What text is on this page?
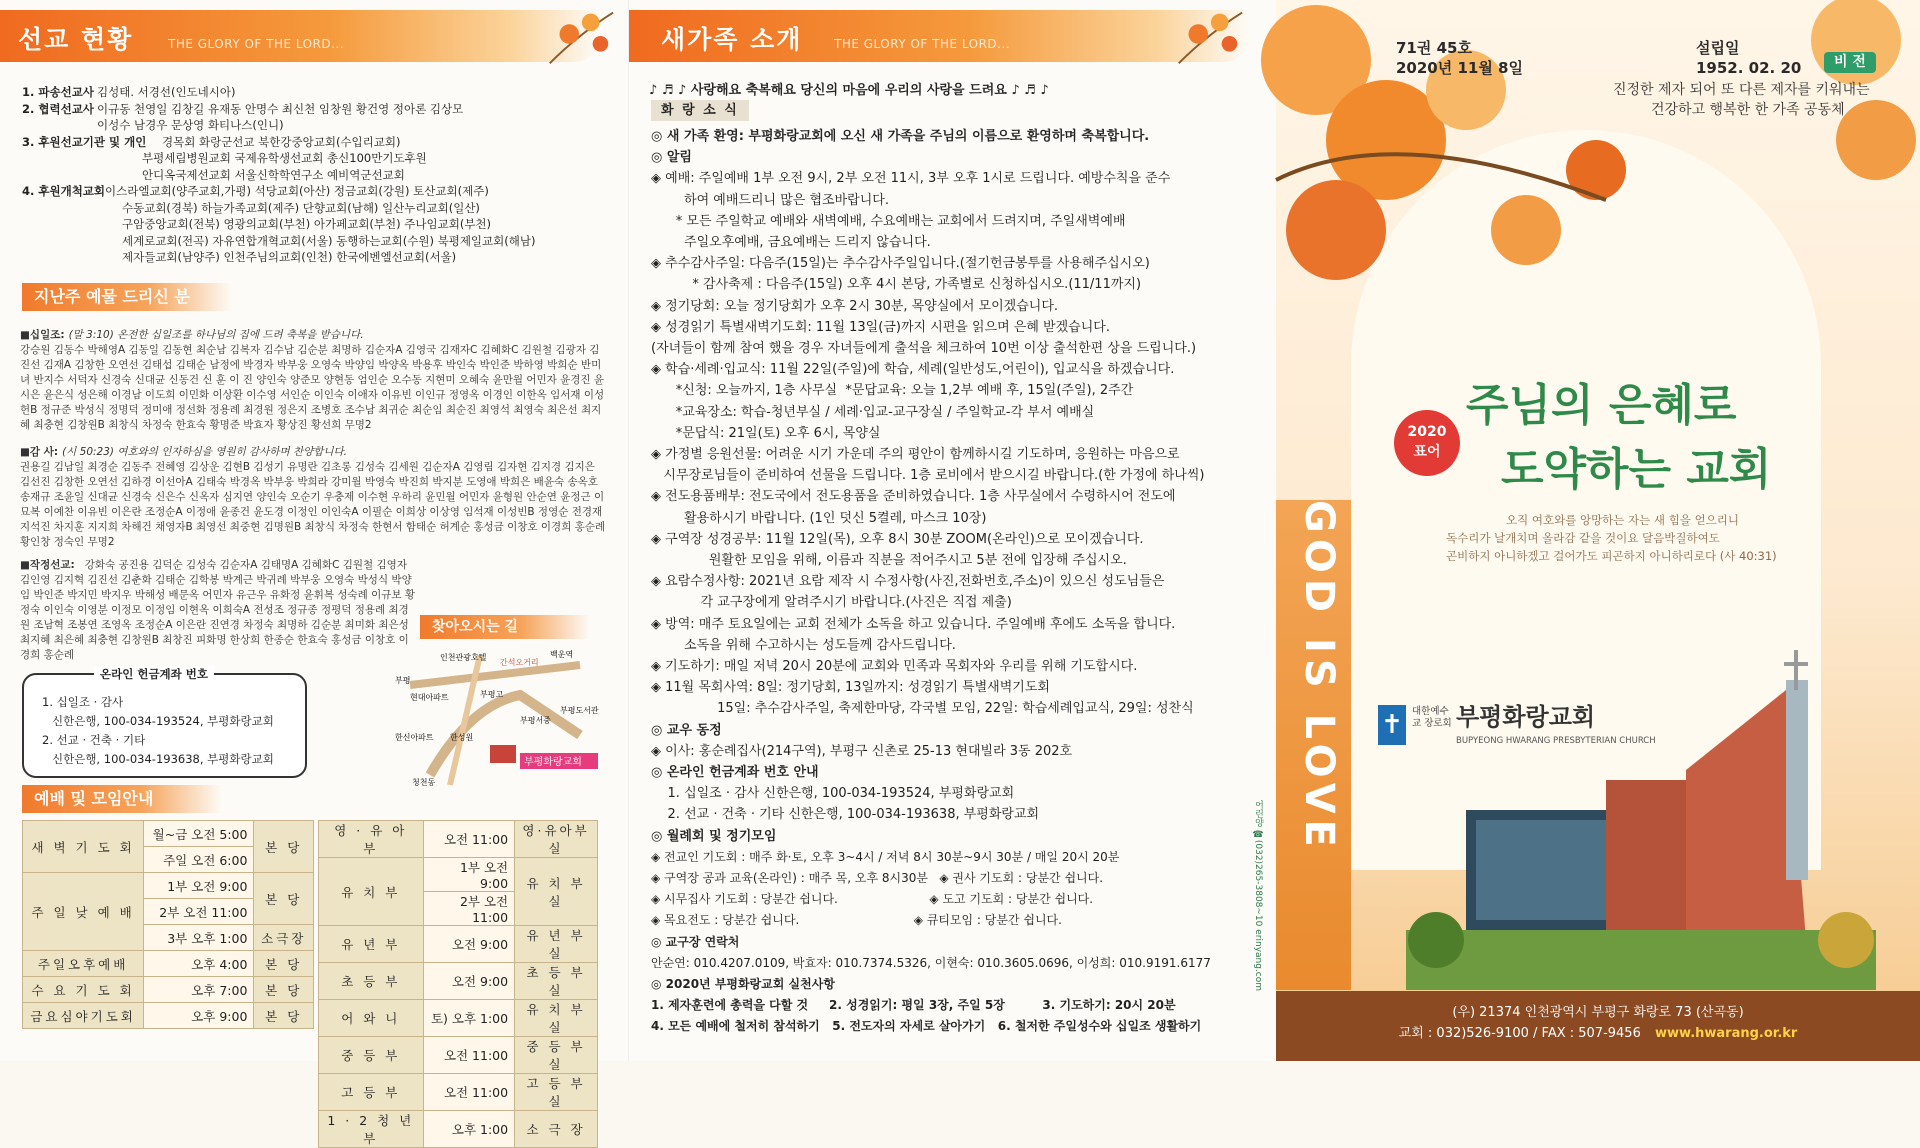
선교 현황	THE GLORY OF THE LORD...
1. 파송선교사 김성태. 서경선(인도네시아)
2. 협력선교사 이규동 천영일 김창길 유재동 안명수 최신천 임창원 황건영 정아론 김상모
이성수 남경우 문상영 화티나스(인니)
3. 후원선교기관 및 개인 경목회 화랑군선교 북한강중앙교회(수입리교회)
부평세림병원교회 국제유학생선교회 총신100만기도후원
안디옥국제선교회 서울신학학연구소 예비역군선교회
4. 후원개척교회이스라엘교회(양주교회,가평) 석당교회(아산) 정금교회(강원) 토산교회(제주)
수동교회(경북) 하늘가족교회(제주) 단향교회(남해) 일산누리교회(일산)
구암중앙교회(전북) 영광의교회(부천) 아가페교회(부천) 주나임교회(부천)
세계로교회(전곡) 자유연합개혁교회(서울) 동행하는교회(수원) 북평제일교회(해남)
제자들교회(남양주) 인천주님의교회(인천) 한국에벤엘선교회(서울)
지난주 예물 드리신 분
■십일조: (말 3:10) 온전한 십일조를 하나님의 집에 드려 축복을 받습니다.
강승원 김동수 박해영A 김동일 김동현 최순남 김복자 김수남 김순분 최명하 김순자A 김영국 김재자C 김혜화C 김원철 김광자 김진선 김재A 김창한 오연선 김태섭 김태순 남정에 박경자 박부웅 오영숙 박양임 박양옥 박용후 박인숙 박인준 박하영 박희순 반미녀 반지수 서덕자 신경숙 신대균 신동건 신 훈 이 진 양인숙 양준모 양현동 엄인순 오수동 지현미 오혜숙 윤만월 어민자 윤경진 윤시은 윤은식 성은해 이경남 이도희 이민화 이상환 이수영 서인순 이인숙 이애자 이유빈 이인규 정영옥 이경인 이한옥 임서재 이성헌B 정규준 박성식 정명덕 정미애 정선화 정용례 최경원 정은지 조병호 조수남 최귀순 최순임 최순진 최영석 최영숙 최은선 최지혜 최충현 김창원B 최창식 차정숙 한효숙 황명준 박효자 황상진 황선희 무명2
■감 사: (시 50:23) 여호와의 인자하심을 영원히 감사하며 찬양합니다.
권용길 김남일 최경순 김동주 전혜영 김상운 김현B 김성기 유명란 김초롱 김성숙 김세원 김순자A 김영림 김자현 김지경 김지은 김선진 김창한 오연선 김하경 이선아A 김태숙 박경옥 박부웅 박희라 강미월 박영숙 박진희 박지분 도영애 박희은 배윤숙 송옥호 송재규 조윤일 신대균 신경숙 신은수 신옥자 심지연 양인숙 오순기 우충제 이수현 우하리 윤민월 어민자 윤형원 안순연 윤정근 이묘복 이예찬 이유빈 이은란 조정순A 이정애 윤종건 윤도경 이정인 이인숙A 이필순 이희상 이상영 임석재 이성빈B 정영순 전경재 지석진 차지훈 지지희 차해건 채영자B 최영선 최중현 김명원B 최창식 차정숙 한현서 함태순 허계순 홍성금 이창호 이경희 홍순례 황인창 정숙인 무명2
■작정선교: 강화숙 공진용 김덕순 김성숙 김순자A 김태명A 김혜화C 김원철 김영자 김인영 김지혁 김진선 김춘화 김태순 김학봉 박계근 박귀례 박부웅 오영숙 박성식 박양임 박인준 박지민 박지우 박해성 배문옥 어민자 유근우 유화정 윤휘복 성숙례 이규보 황정숙 이인숙 이영분 이정모 이정임 이현옥 이희숙A 전성조 정규종 정평덕 정용례 최경원 조남혁 조봉연 조영옥 조정순A 이은란 진연경 차정숙 최명하 김순분 최미화 최은성 최지혜 최은혜 최충현 김창원B 최창진 피화명 한상희 한종순 한효숙 홍성금 이창호 이경희 홍순례
찾아오시는 길
부평화랑교회
인천관광호텔	백운역
부평
현대아파트	부평고
부평서중
부평도서관
한신아파트
청천동
간석오거리
한성원
온라인 헌금계좌 번호
1. 십일조 · 감사
신한은행, 100-034-193524, 부평화랑교회
2. 선교 · 건축 · 기타
신한은행, 100-034-193638, 부평화랑교회
예배 및 모임안내
새 벽 기 도 회	월~금 오전 5:00	본 당
	주일 오전 6:00	
주 일 낮 예 배	1부 오전 9:00	본 당
	2부 오전 11:00	
	3부 오후 1:00	소극장
주일오후예배	오후 4:00	본 당
수 요 기 도 회	오후 7:00	본 당
금요심야기도회	오후 9:00	본 당
영 · 유 아 부	오전 11:00	영·유아부실
유 치 부	1부 오전 9:00	유 치 부 실
	2부 오전 11:00	
유 년 부	오전 9:00	유 년 부 실
초 등 부	오전 9:00	초 등 부 실
어 와 니	토) 오후 1:00	유 치 부 실
중 등 부	오전 11:00	중 등 부 실
고 등 부	오전 11:00	고 등 부 실
1 · 2 청 년 부	오후 1:00	소 극 장
새가족 소개	THE GLORY OF THE LORD...
♪ ♬ ♪ 사랑해요 축복해요 당신의 마음에 우리의 사랑을 드려요 ♪ ♬ ♪
화 랑 소 식
◎ 새 가족 환영: 부평화랑교회에 오신 새 가족을 주님의 이름으로 환영하며 축복합니다.
◎ 알림
◈ 예배: 주일예배 1부 오전 9시, 2부 오전 11시, 3부 오후 1시로 드립니다. 예방수칙을 준수
하여 예배드리니 많은 협조바랍니다.
* 모든 주일학교 예배와 새벽예배, 수요예배는 교회에서 드려지며, 주일새벽예배
주일오후예배, 금요예배는 드리지 않습니다.
◈ 추수감사주일: 다음주(15일)는 추수감사주일입니다.(절기헌금봉투를 사용해주십시오)
* 감사축제 : 다음주(15일) 오후 4시 본당, 가족별로 신청하십시오.(11/11까지)
◈ 정기당회: 오늘 정기당회가 오후 2시 30분, 목양실에서 모이겠습니다.
◈ 성경읽기 특별새벽기도회: 11월 13일(금)까지 시편을 읽으며 은혜 받겠습니다.
(자녀들이 함께 참여 했을 경우 자녀들에게 출석을 체크하여 10번 이상 출석한편 상을 드립니다.)
◈ 학습·세례·입교식: 11월 22일(주일)에 학습, 세례(일반성도,어린이), 입교식을 하겠습니다.
*신청: 오늘까지, 1층 사무실  *문답교육: 오늘 1,2부 예배 후, 15일(주일), 2주간
*교육장소: 학습-청년부실 / 세례·입교-교구장실 / 주일학교-각 부서 예배실
*문답식: 21일(토) 오후 6시, 목양실
◈ 가정별 응원선물: 어려운 시기 가운데 주의 평안이 함께하시길 기도하며, 응원하는 마음으로
시무장로님들이 준비하여 선물을 드립니다. 1층 로비에서 받으시길 바랍니다.(한 가정에 하나씩)
◈ 전도용품배부: 전도국에서 전도용품을 준비하였습니다. 1층 사무실에서 수령하시어 전도에
활용하시기 바랍니다. (1인 덧신 5켤레, 마스크 10장)
◈ 구역장 성경공부: 11월 12일(목), 오후 8시 30분 ZOOM(온라인)으로 모이겠습니다.
원활한 모임을 위해, 이름과 직분을 적어주시고 5분 전에 입장해 주십시오.
◈ 요람수정사항: 2021년 요람 제작 시 수정사항(사진,전화번호,주소)이 있으신 성도님들은
각 교구장에게 알려주시기 바랍니다.(사진은 직접 제출)
◈ 방역: 매주 토요일에는 교회 전체가 소독을 하고 있습니다. 주일예배 후에도 소독을 합니다.
소독을 위해 수고하시는 성도들께 감사드립니다.
◈ 기도하기: 매일 저녁 20시 20분에 교회와 민족과 목회자와 우리를 위해 기도합시다.
◈ 11월 목회사역: 8일: 정기당회, 13일까지: 성경읽기 특별새벽기도회
15일: 추수감사주일, 축제한마당, 각국별 모임, 22일: 학습세례입교식, 29일: 성찬식
◎ 교우 동정
◈ 이사: 홍순례집사(214구역), 부평구 신촌로 25-13 현대빌라 3동 202호
◎ 온라인 헌금계좌 번호 안내
1. 십일조 · 감사 신한은행, 100-034-193524, 부평화랑교회
2. 선교 · 건축 · 기타 신한은행, 100-034-193638, 부평화랑교회
◎ 월례회 및 정기모임
◈ 전교인 기도회 : 매주 화·토, 오후 3~4시 / 저녁 8시 30분~9시 30분 / 매일 20시 20분
◈ 구역장 공과 교육(온라인) : 매주 목, 오후 8시30분   ◈ 권사 기도회 : 당분간 쉽니다.
◈ 시무집사 기도회 : 당분간 쉽니다.                        ◈ 도고 기도회 : 당분간 쉽니다.
◈ 목요전도 : 당분간 쉽니다.                              ◈ 큐티모임 : 당분간 쉽니다.
◎ 교구장 연락처
안순연: 010.4207.0109, 박효자: 010.7374.5326, 이현숙: 010.3605.0696, 이성희: 010.9191.6177
◎ 2020년 부평화랑교회 실천사항
1. 제자훈련에 총력을 다할 것     2. 성경읽기: 평일 3장, 주일 5장         3. 기도하기: 20시 20분
4. 모든 예배에 철저히 참석하기   5. 전도자의 자세로 살아가기   6. 철저한 주일성수와 십일조 생활하기
어린양 ☎(032)265-3808~10 erinyang.com
GOD IS LOVE
71권 45호
2020년 11월 8일
설립일
1952. 02. 20	비 전
진정한 제자 되어 또 다른 제자를 키워내는
건강하고 행복한 한 가족 공동체
2020
표어
주님의 은혜로
도약하는 교회
오직 여호와를 앙망하는 자는 새 힘을 얻으리니
독수리가 날개치며 올라감 같을 것이요 달음박질하여도
곤비하지 아니하겠고 걸어가도 피곤하지 아니하리로다 (사 40:31)
✝ 대한예수교 장로회 부평화랑교회
BUPYEONG HWARANG PRESBYTERIAN CHURCH
(우) 21374 인천광역시 부평구 화랑로 73 (산곡동)
교회 : 032)526-9100 / FAX : 507-9456 www.hwarang.or.kr
